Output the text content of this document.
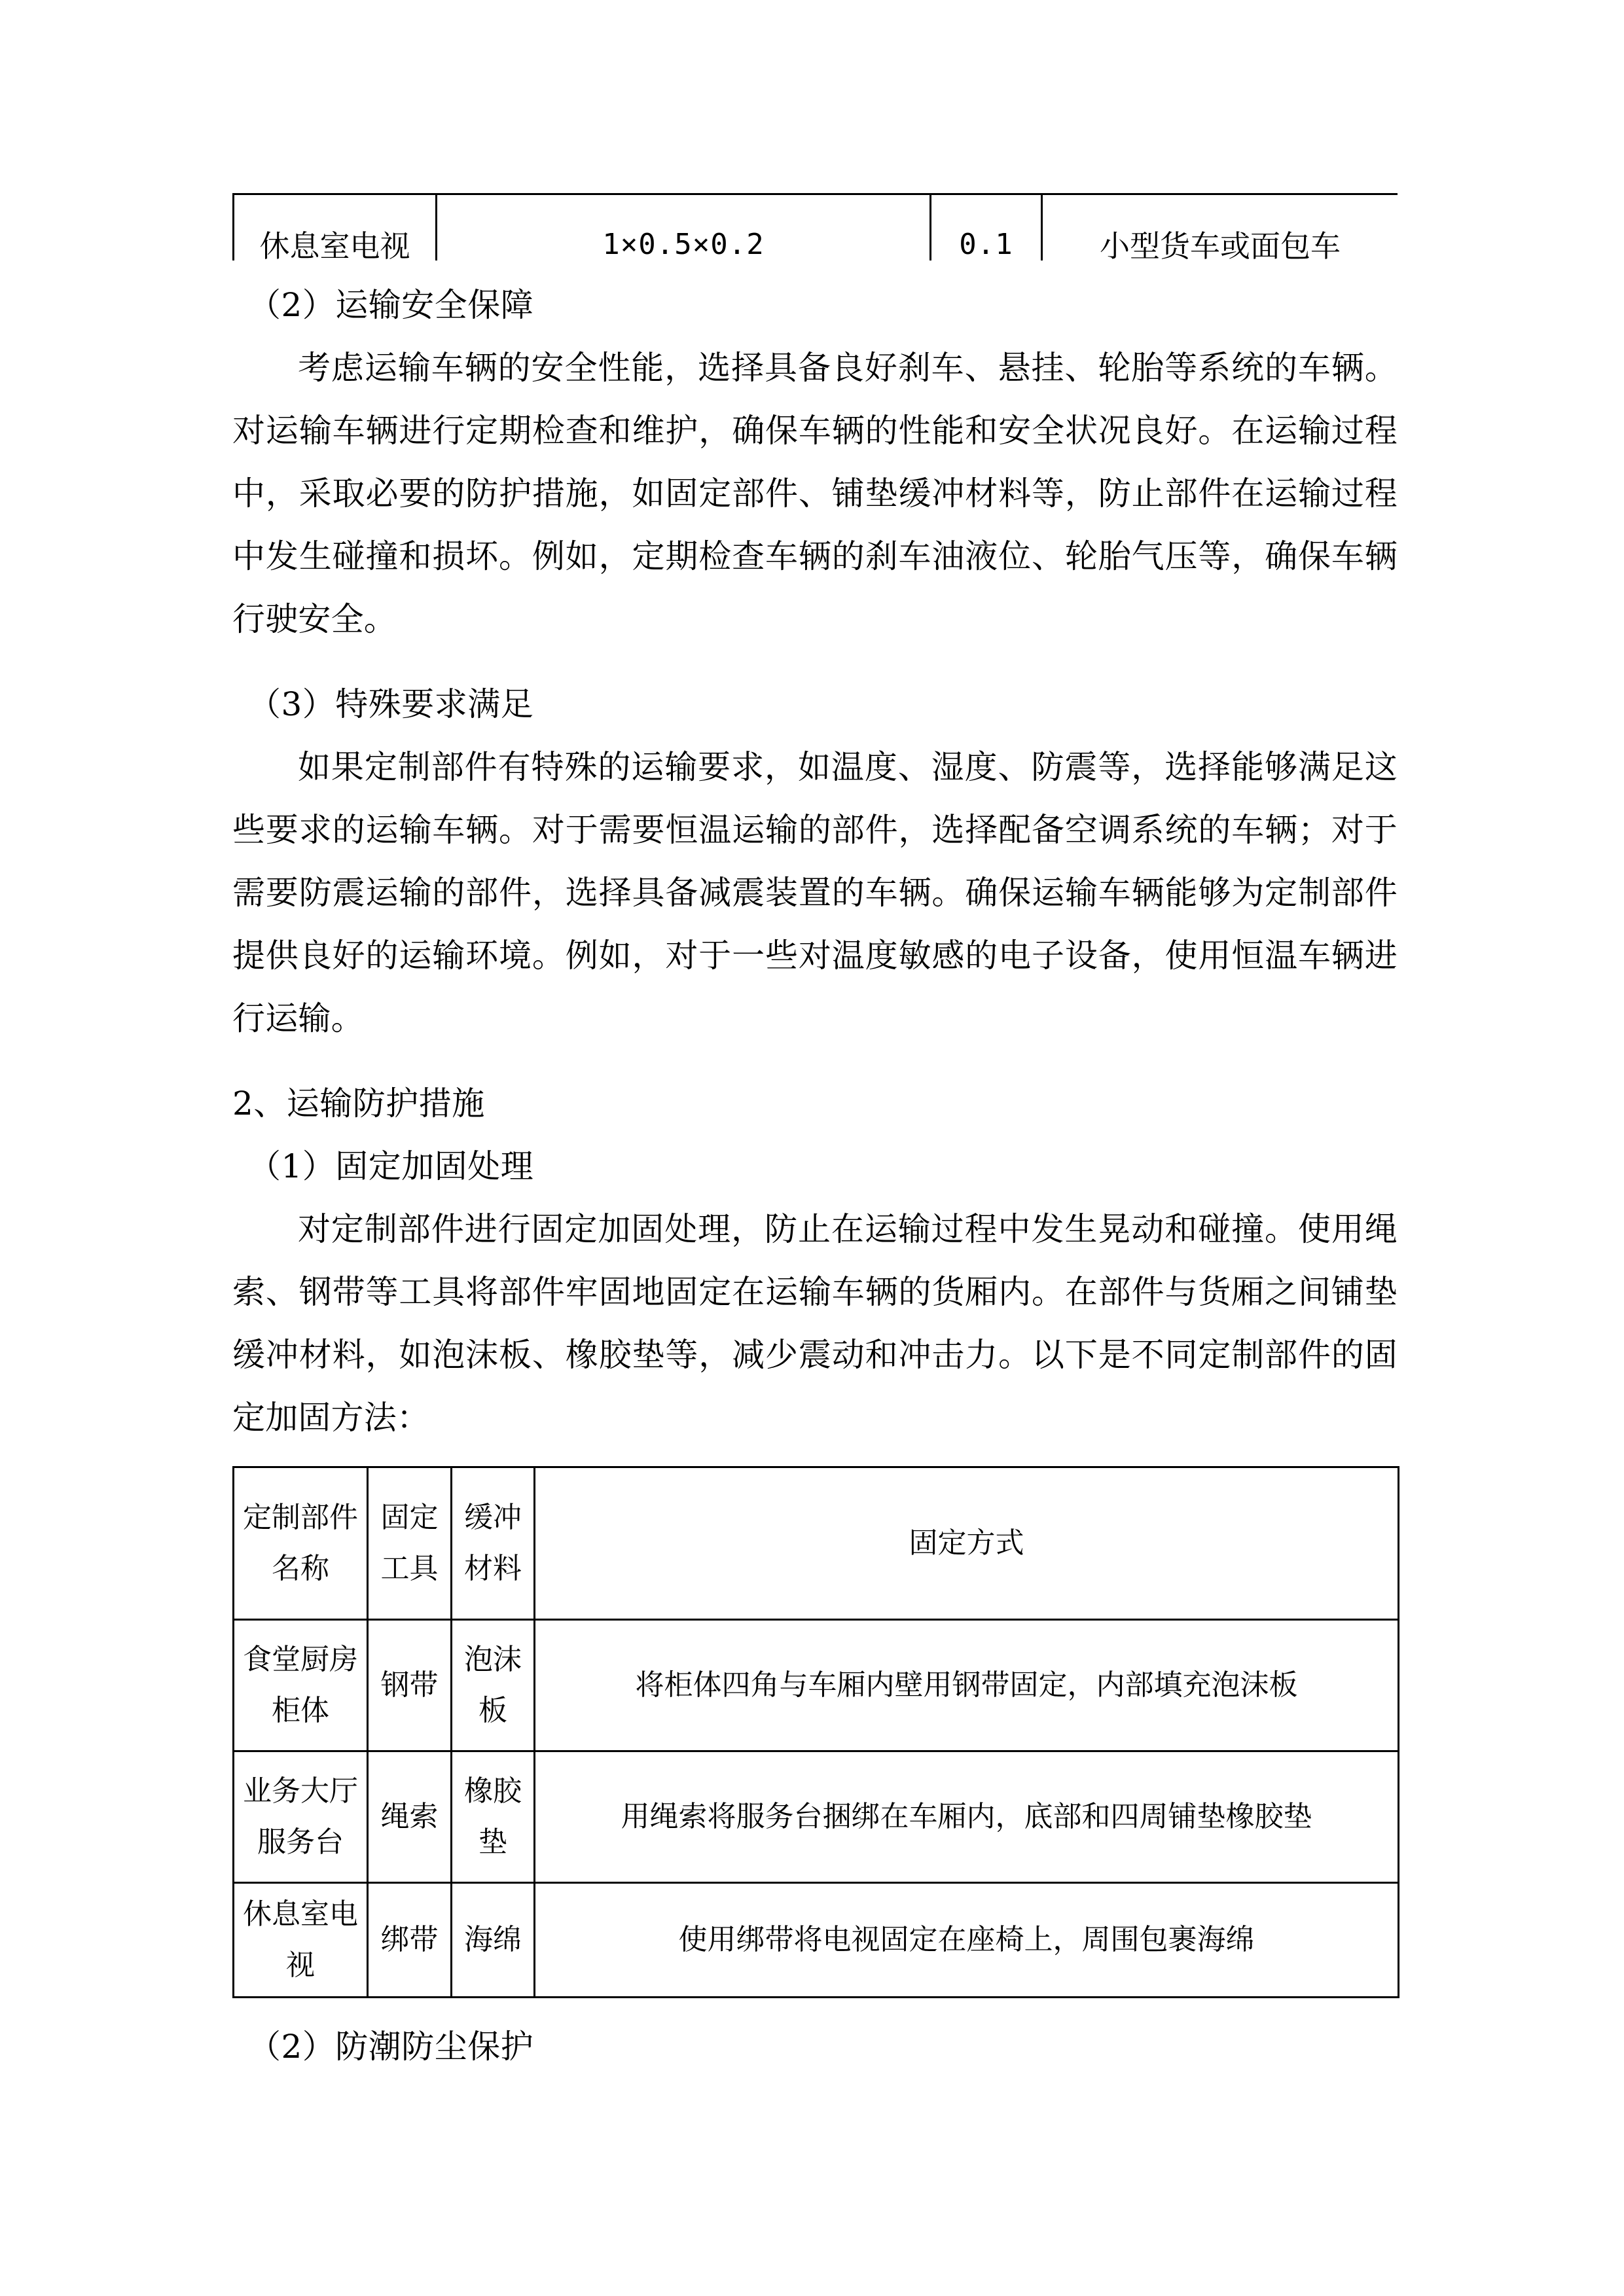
休息室电视	1×0.5×0.2	0.1	小型货车或面包车

（2）运输安全保障

考虑运输车辆的安全性能，选择具备良好刹车、悬挂、轮胎等系统的车辆。对运输车辆进行定期检查和维护，确保车辆的性能和安全状况良好。在运输过程中，采取必要的防护措施，如固定部件、铺垫缓冲材料等，防止部件在运输过程中发生碰撞和损坏。例如，定期检查车辆的刹车油液位、轮胎气压等，确保车辆行驶安全。

（3）特殊要求满足

如果定制部件有特殊的运输要求，如温度、湿度、防震等，选择能够满足这些要求的运输车辆。对于需要恒温运输的部件，选择配备空调系统的车辆；对于需要防震运输的部件，选择具备减震装置的车辆。确保运输车辆能够为定制部件提供良好的运输环境。例如，对于一些对温度敏感的电子设备，使用恒温车辆进行运输。

2、运输防护措施

（1）固定加固处理

对定制部件进行固定加固处理，防止在运输过程中发生晃动和碰撞。使用绳索、钢带等工具将部件牢固地固定在运输车辆的货厢内。在部件与货厢之间铺垫缓冲材料，如泡沫板、橡胶垫等，减少震动和冲击力。以下是不同定制部件的固定加固方法：

定制部件名称	固定工具	缓冲材料	固定方式
食堂厨房柜体	钢带	泡沫板	将柜体四角与车厢内壁用钢带固定，内部填充泡沫板
业务大厅服务台	绳索	橡胶垫	用绳索将服务台捆绑在车厢内，底部和四周铺垫橡胶垫
休息室电视	绑带	海绵	使用绑带将电视固定在座椅上，周围包裹海绵

（2）防潮防尘保护
